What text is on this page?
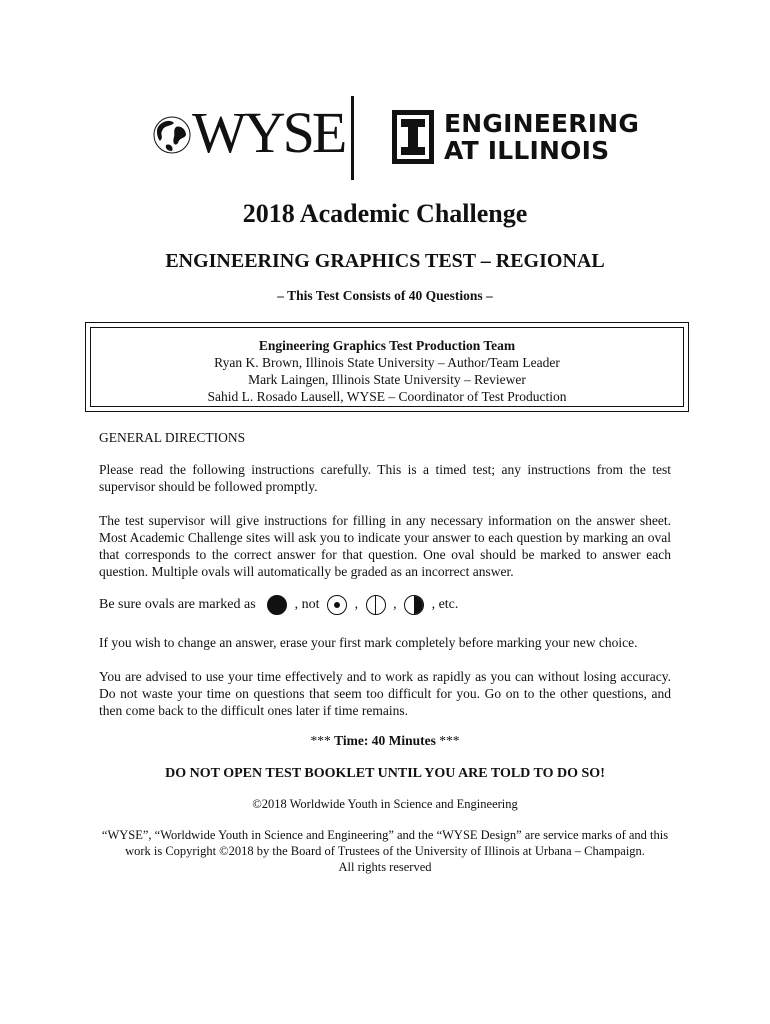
WYSE	ENGINEERING
AT ILLINOIS
2018 Academic Challenge
ENGINEERING GRAPHICS TEST – REGIONAL
– This Test Consists of 40 Questions –
Engineering Graphics Test Production Team
Ryan K. Brown, Illinois State University – Author/Team Leader
Mark Laingen, Illinois State University – Reviewer
Sahid L. Rosado Lausell, WYSE – Coordinator of Test Production
GENERAL DIRECTIONS
Please read the following instructions carefully. This is a timed test; any instructions from the test supervisor should be followed promptly.
The test supervisor will give instructions for filling in any necessary information on the answer sheet. Most Academic Challenge sites will ask you to indicate your answer to each question by marking an oval that corresponds to the correct answer for that question. One oval should be marked to answer each question. Multiple ovals will automatically be graded as an incorrect answer.
Be sure ovals are marked as	, not	,	,	, etc.
If you wish to change an answer, erase your first mark completely before marking your new choice.
You are advised to use your time effectively and to work as rapidly as you can without losing accuracy. Do not waste your time on questions that seem too difficult for you. Go on to the other questions, and then come back to the difficult ones later if time remains.
*** Time: 40 Minutes ***
DO NOT OPEN TEST BOOKLET UNTIL YOU ARE TOLD TO DO SO!
©2018 Worldwide Youth in Science and Engineering
“WYSE”, “Worldwide Youth in Science and Engineering” and the “WYSE Design” are service marks of and this work is Copyright ©2018 by the Board of Trustees of the University of Illinois at Urbana – Champaign.
All rights reserved
